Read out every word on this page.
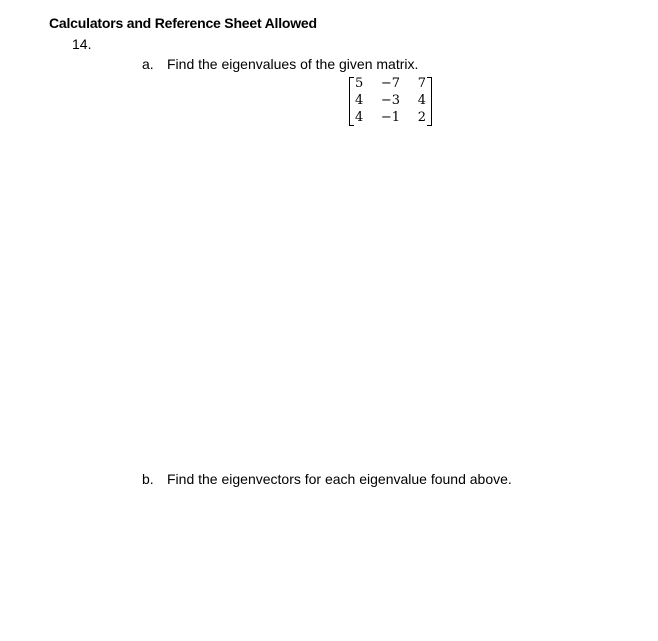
Calculators and Reference Sheet Allowed
14.
a. Find the eigenvalues of the given matrix.
5	−7	7
4	−3	4
4	−1	2
b. Find the eigenvectors for each eigenvalue found above.
